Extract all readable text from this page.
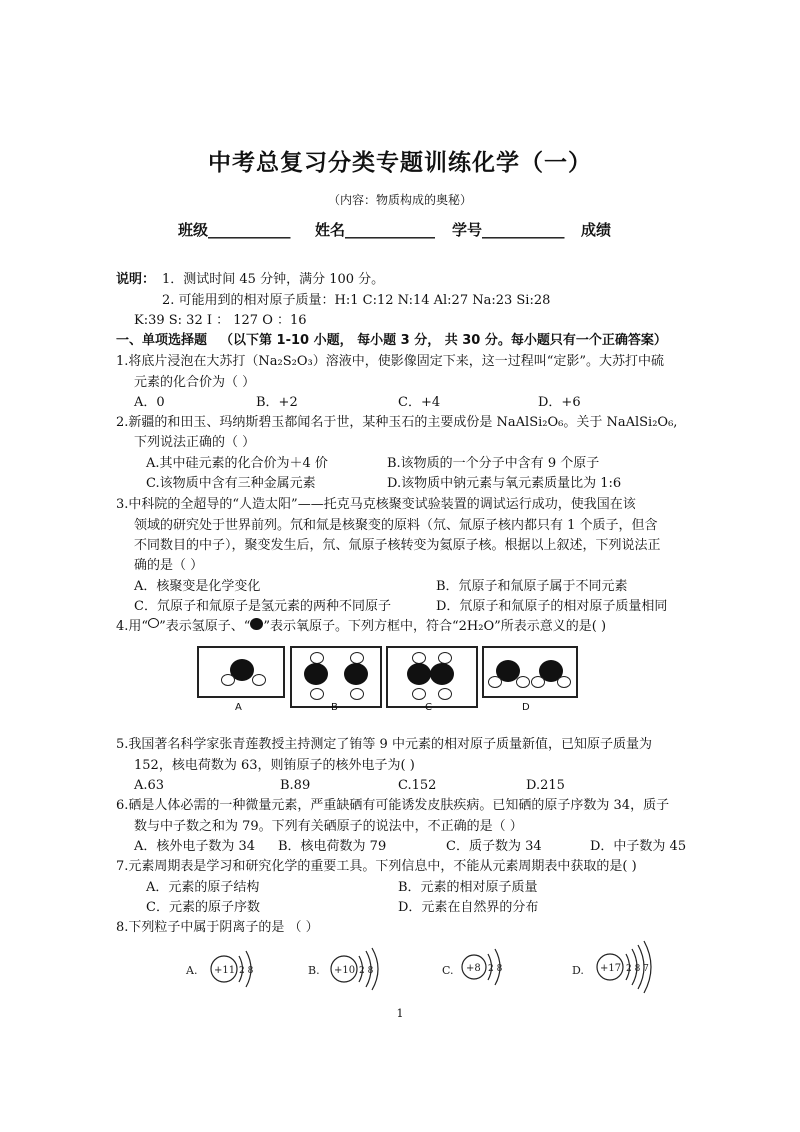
中考总复习分类专题训练化学（一）
（内容：物质构成的奥秘）
班级___________ 姓名____________ 学号___________ 成绩
说明： 1．测试时间 45 分钟，满分 100 分。
2. 可能用到的相对原子质量：H:1 C:12 N:14 Al:27 Na:23 Si:28
K:39 S: 32 I ： 127 O ：16
一、单项选择题 （以下第 1-10 小题， 每小题 3 分， 共 30 分。每小题只有一个正确答案）
1.将底片浸泡在大苏打（Na₂S₂O₃）溶液中，使影像固定下来，这一过程叫“定影”。大苏打中硫
元素的化合价为（ ）
A．0	B．+2	C．+4	D．+6
2.新疆的和田玉、玛纳斯碧玉都闻名于世，某种玉石的主要成份是 NaAlSi₂O₆。关于 NaAlSi₂O₆,
下列说法正确的（ ）
A.其中硅元素的化合价为＋4 价	B.该物质的一个分子中含有 9 个原子
C.该物质中含有三种金属元素	D.该物质中钠元素与氧元素质量比为 1:6
3.中科院的全超导的“人造太阳”——托克马克核聚变试验装置的调试运行成功，使我国在该
领域的研究处于世界前列。氘和氚是核聚变的原料（氘、氚原子核内都只有 1 个质子，但含
不同数目的中子），聚变发生后，氘、氚原子核转变为氦原子核。根据以上叙述，下列说法正
确的是（ ）
A．核聚变是化学变化	B．氘原子和氚原子属于不同元素
C．氘原子和氚原子是氢元素的两种不同原子	D．氘原子和氚原子的相对原子质量相同
4.用“ ”表示氢原子、“ ”表示氧原子。下列方框中，符合“2H₂O”所表示意义的是( )
A	B	C	D
5.我国著名科学家张青莲教授主持测定了铕等 9 中元素的相对原子质量新值，已知原子质量为
152，核电荷数为 63，则铕原子的核外电子为( )
A.63	B.89	C.152	D.215
6.硒是人体必需的一种微量元素，严重缺硒有可能诱发皮肤疾病。已知硒的原子序数为 34，质子
数与中子数之和为 79。下列有关硒原子的说法中，不正确的是（ ）
A．核外电子数为 34 B．核电荷数为 79	C．质子数为 34	D．中子数为 45
7.元素周期表是学习和研究化学的重要工具。下列信息中，不能从元素周期表中获取的是( )
A．元素的原子结构	B．元素的相对原子质量
C．元素的原子序数	D．元素在自然界的分布
8.下列粒子中属于阴离子的是 （ ）
A. +11 2 8	B. +10 2 8	C. +8 2 8	D. +17 2 8 7
1
